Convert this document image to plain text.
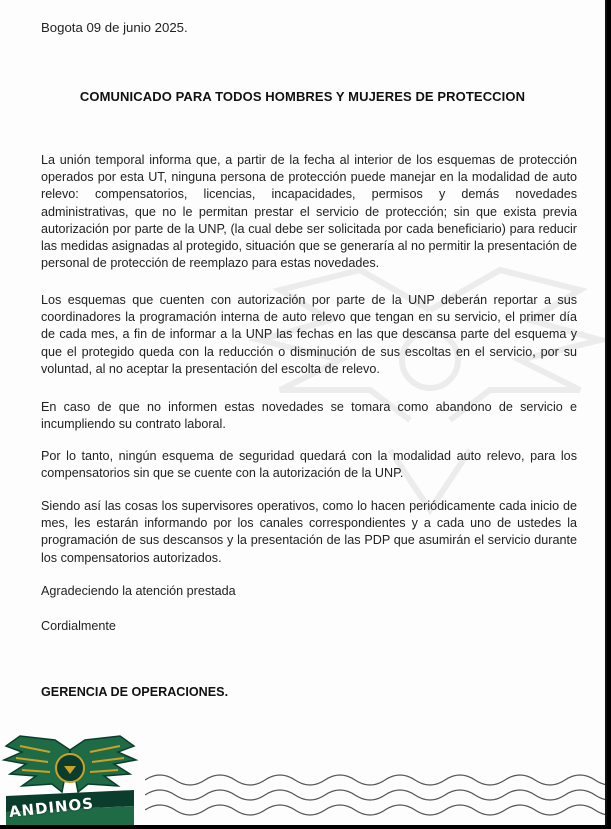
Bogota 09 de junio 2025.
COMUNICADO PARA TODOS HOMBRES Y MUJERES DE PROTECCION

La unión temporal informa que, a partir de la fecha al interior de los esquemas de protección operados por esta UT, ninguna persona de protección puede manejar en la modalidad de auto relevo: compensatorios, licencias, incapacidades, permisos y demás novedades administrativas, que no le permitan prestar el servicio de protección; sin que exista previa autorización por parte de la UNP, (la cual debe ser solicitada por cada beneficiario) para reducir las medidas asignadas al protegido, situación que se generaría al no permitir la presentación de personal de protección de reemplazo para estas novedades.

Los esquemas que cuenten con autorización por parte de la UNP deberán reportar a sus coordinadores la programación interna de auto relevo que tengan en su servicio, el primer día de cada mes, a fin de informar a la UNP las fechas en las que descansa parte del esquema y que el protegido queda con la reducción o disminución de sus escoltas en el servicio, por su voluntad, al no aceptar la presentación del escolta de relevo.

En caso de que no informen estas novedades se tomara como abandono de servicio e incumpliendo su contrato laboral.

Por lo tanto, ningún esquema de seguridad quedará con la modalidad auto relevo, para los compensatorios sin que se cuente con la autorización de la UNP.

Siendo así las cosas los supervisores operativos, como lo hacen periódicamente cada inicio de mes, les estarán informando por los canales correspondientes y a cada uno de ustedes la programación de sus descansos y la presentación de las PDP que asumirán el servicio durante los compensatorios autorizados.

Agradeciendo la atención prestada

Cordialmente

GERENCIA DE OPERACIONES.
ANDINOS
